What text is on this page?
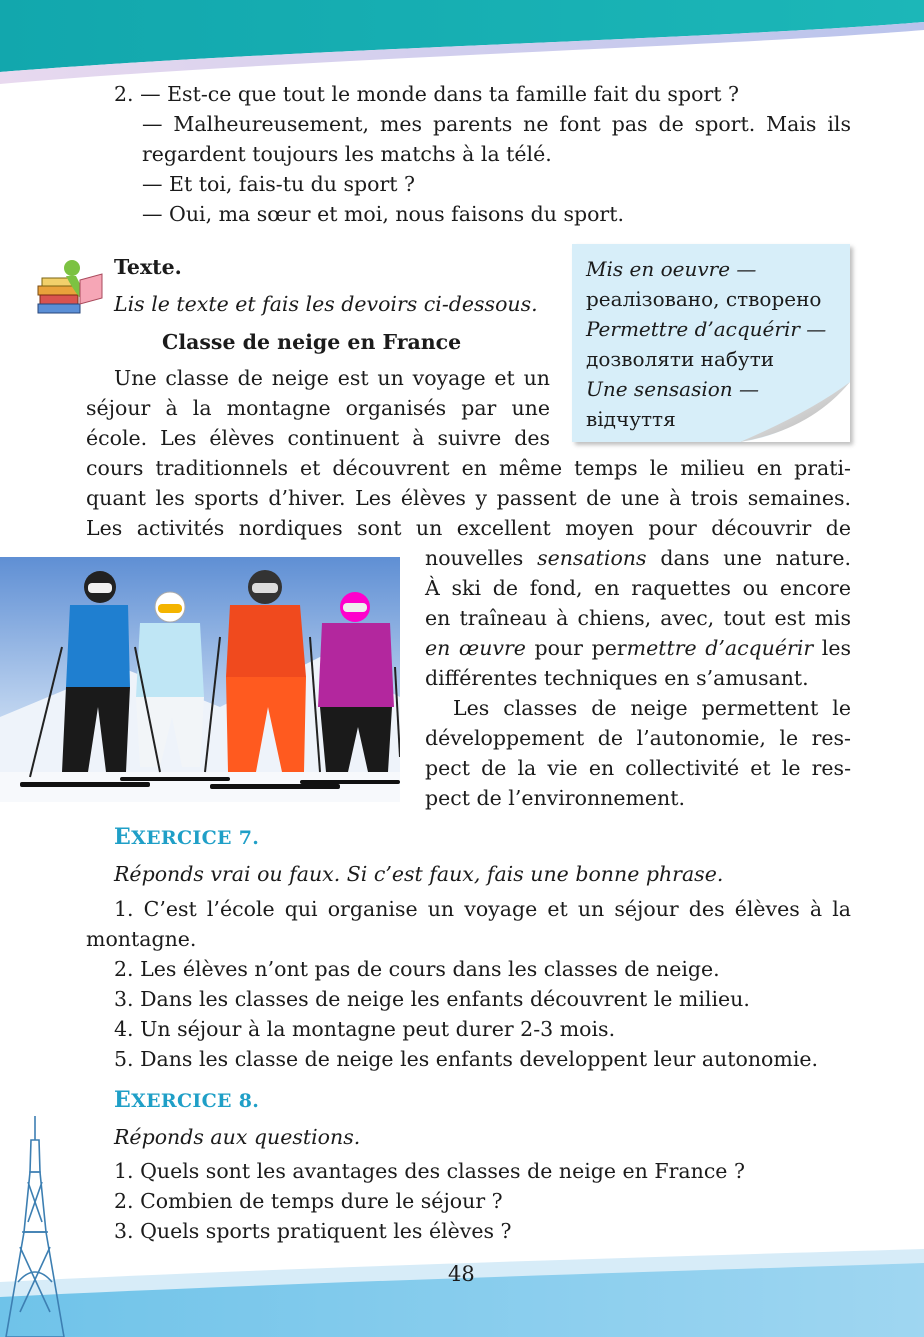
2. — Est-ce que tout le monde dans ta famille fait du sport ?
— Malheureusement, mes parents ne font pas de sport. Mais ils
regardent toujours les matchs à la télé.
— Et toi, fais-tu du sport ?
— Oui, ma sœur et moi, nous faisons du sport.
Texte.
Lis le texte et fais les devoirs ci-dessous.
Classe de neige en France
Mis en oeuvre —
реалізовано, створено
Permettre d’acquérir —
дозволяти набути
Une sensasion —
відчуття
Une classe de neige est un voyage et un
séjour à la montagne organisés par une
école. Les élèves continuent à suivre des
cours traditionnels et découvrent en même temps le milieu en prati-
quant les sports d’hiver. Les élèves y passent de une à trois semaines.
Les activités nordiques sont un excellent moyen pour découvrir de
nouvelles sensations dans une nature.
À ski de fond, en raquettes ou encore
en traîneau à chiens, avec, tout est mis
en œuvre pour permettre d’acquérir les
différentes techniques en s’amusant.
Les classes de neige permettent le
développement de l’autonomie, le res-
pect de la vie en collectivité et le res-
pect de l’environnement.
EXERCICE 7.
Réponds vrai ou faux. Si c’est faux, fais une bonne phrase.
1. C’est l’école qui organise un voyage et un séjour des élèves à la
montagne.
2. Les élèves n’ont pas de cours dans les classes de neige.
3. Dans les classes de neige les enfants découvrent le milieu.
4. Un séjour à la montagne peut durer 2-3 mois.
5. Dans les classe de neige les enfants developpent leur autonomie.
EXERCICE 8.
Réponds aux questions.
1. Quels sont les avantages des classes de neige en France ?
2. Combien de temps dure le séjour ?
3. Quels sports pratiquent les élèves ?
48
